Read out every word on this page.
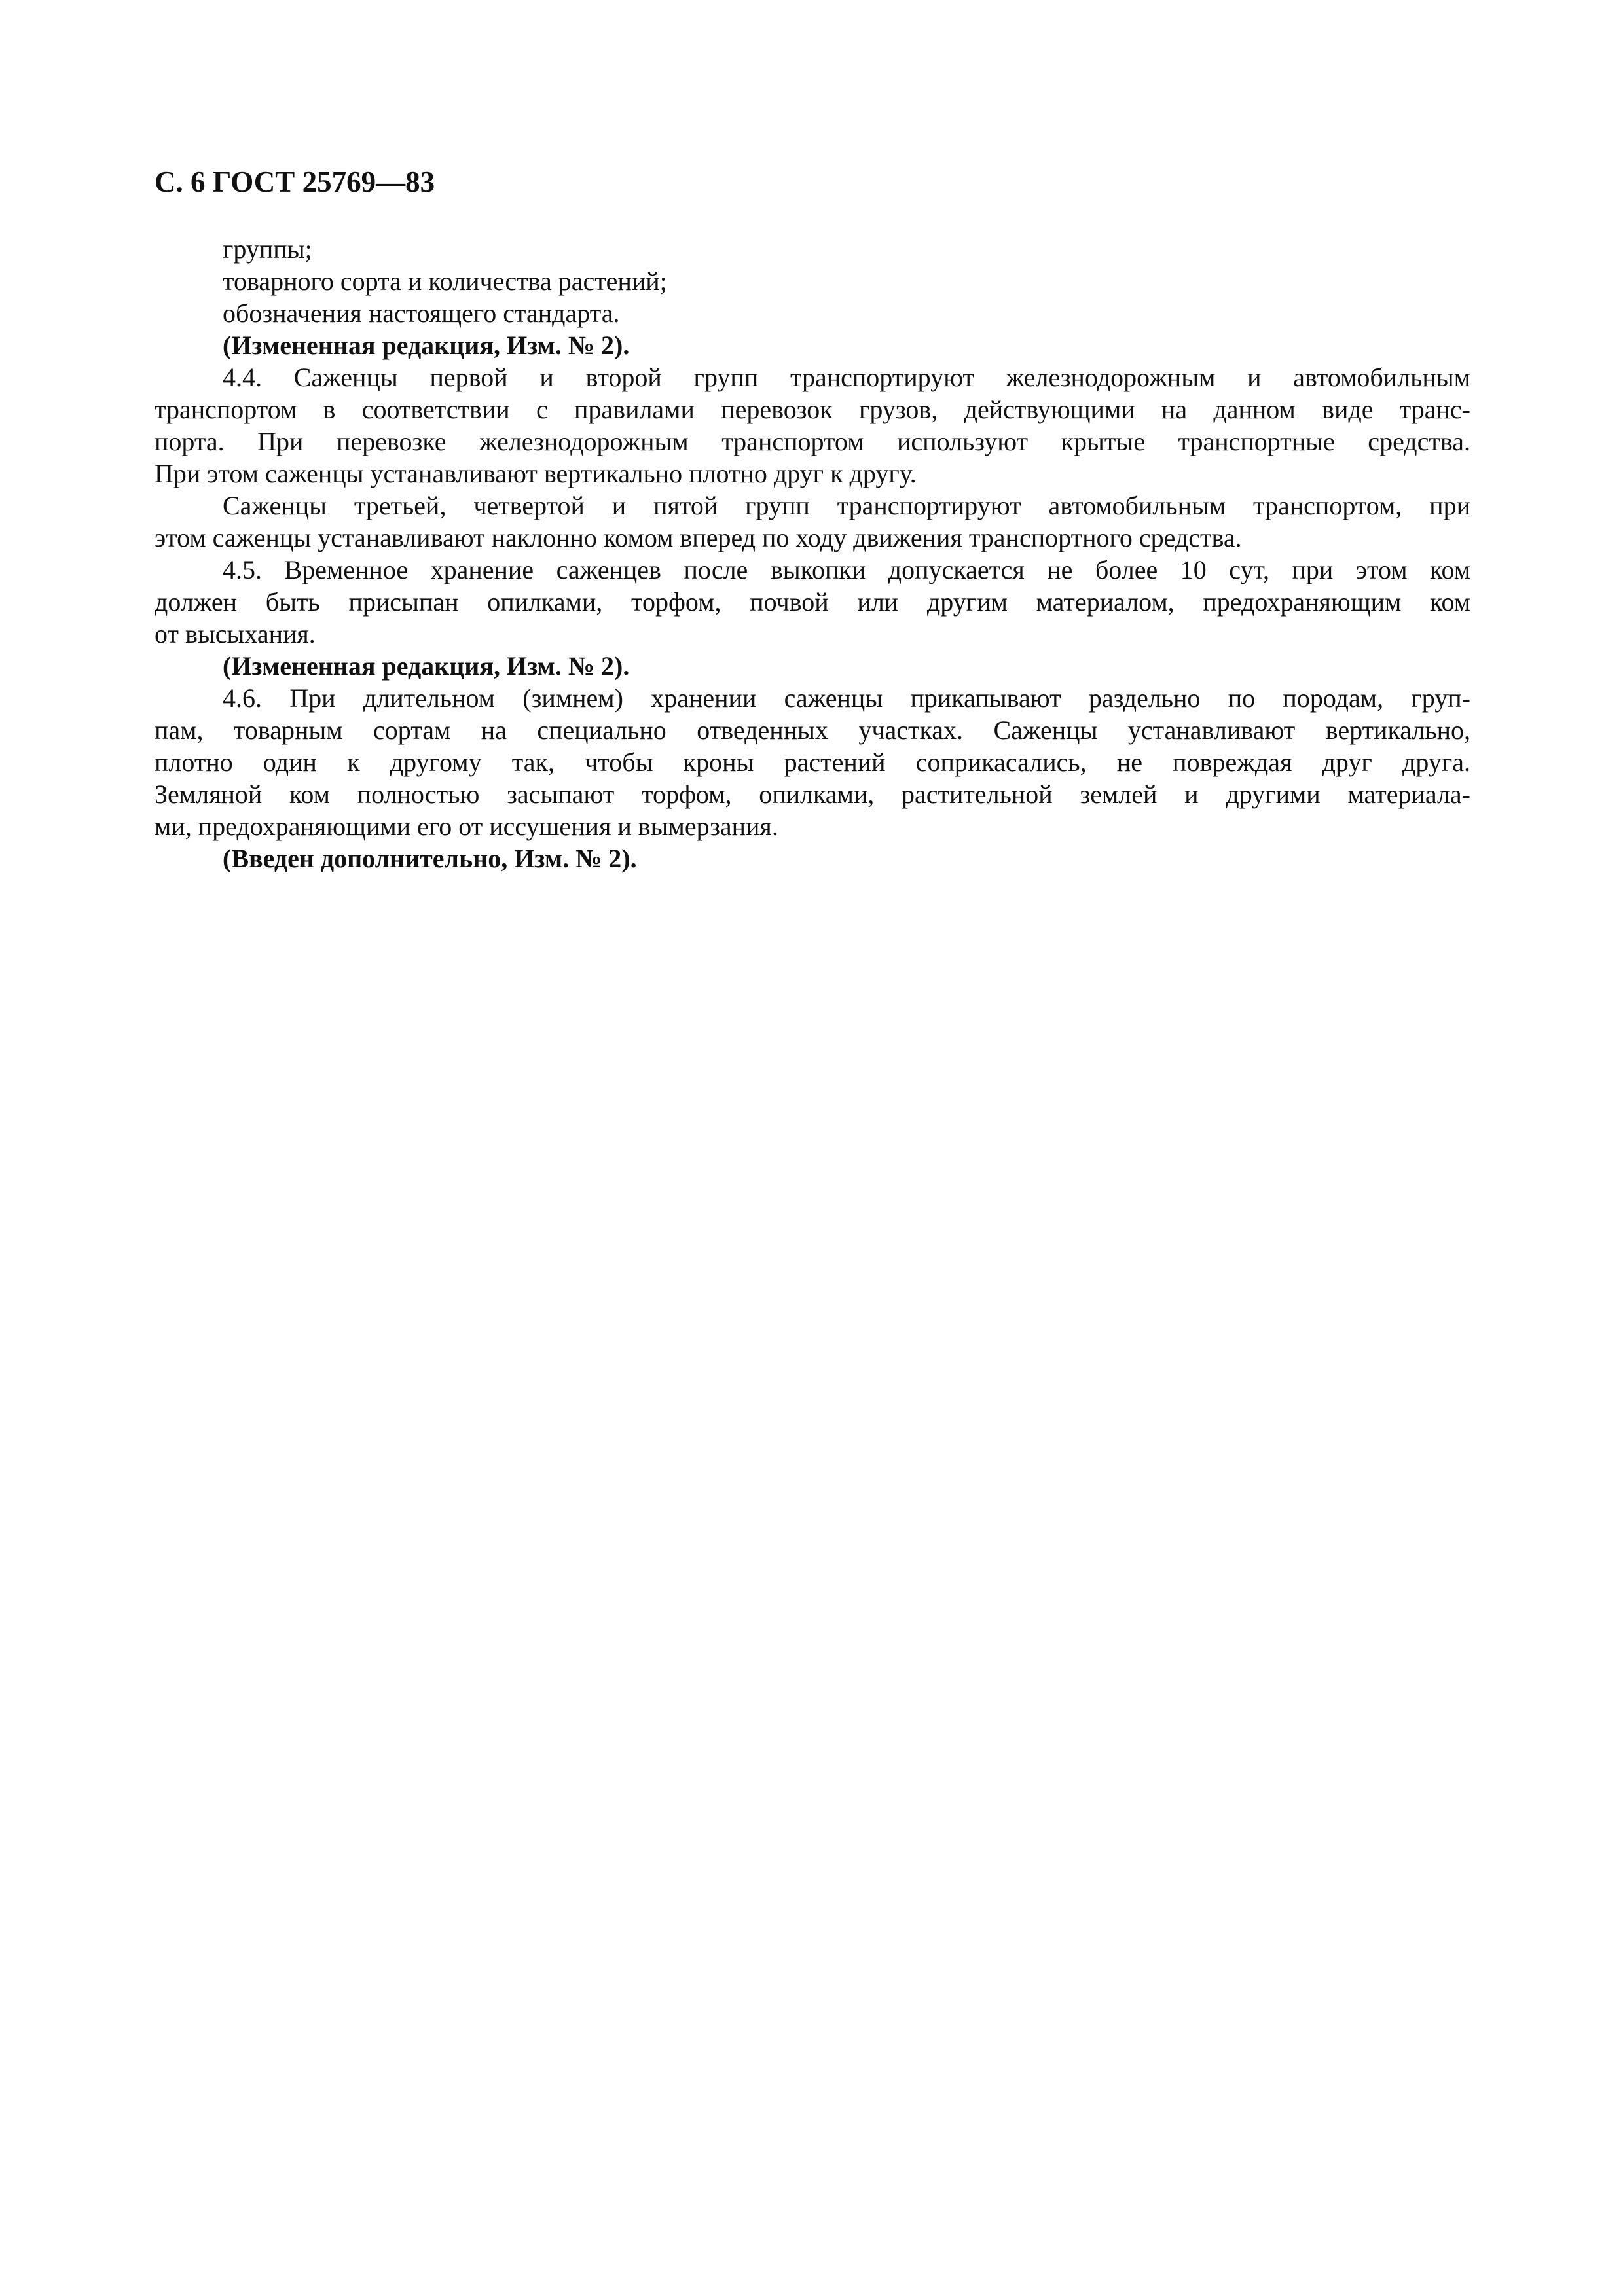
С. 6 ГОСТ 25769—83
группы;
товарного сорта и количества растений;
обозначения настоящего стандарта.
(Измененная редакция, Изм. № 2).
4.4. Саженцы первой и второй групп транспортируют железнодорожным и автомобильным
транспортом в соответствии с правилами перевозок грузов, действующими на данном виде транс-
порта. При перевозке железнодорожным транспортом используют крытые транспортные средства.
При этом саженцы устанавливают вертикально плотно друг к другу.
Саженцы третьей, четвертой и пятой групп транспортируют автомобильным транспортом, при
этом саженцы устанавливают наклонно комом вперед по ходу движения транспортного средства.
4.5. Временное хранение саженцев после выкопки допускается не более 10 сут, при этом ком
должен быть присыпан опилками, торфом, почвой или другим материалом, предохраняющим ком
от высыхания.
(Измененная редакция, Изм. № 2).
4.6. При длительном (зимнем) хранении саженцы прикапывают раздельно по породам, груп-
пам, товарным сортам на специально отведенных участках. Саженцы устанавливают вертикально,
плотно один к другому так, чтобы кроны растений соприкасались, не повреждая друг друга.
Земляной ком полностью засыпают торфом, опилками, растительной землей и другими материала-
ми, предохраняющими его от иссушения и вымерзания.
(Введен дополнительно, Изм. № 2).
